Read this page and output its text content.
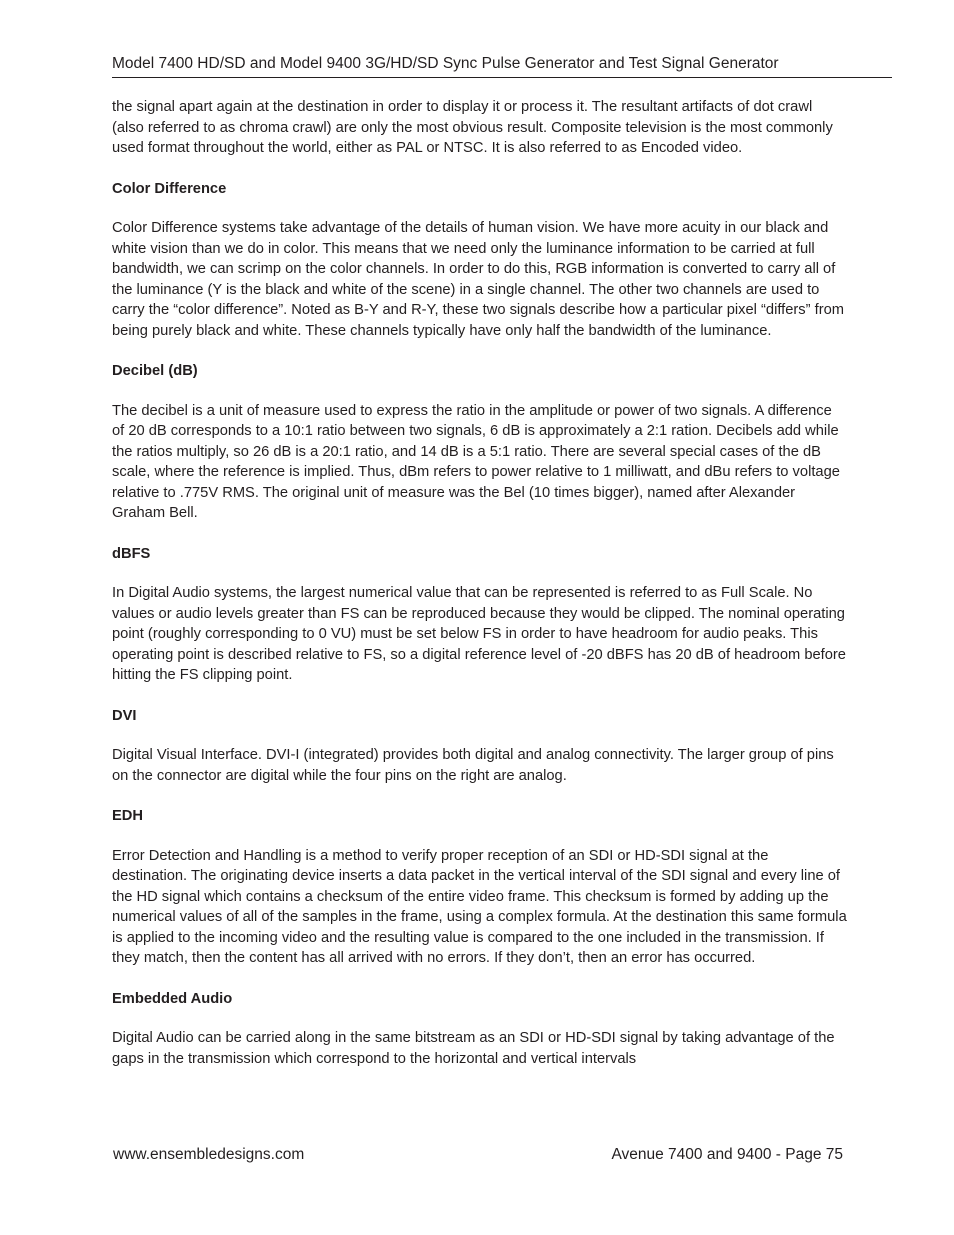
Model 7400 HD/SD and Model 9400 3G/HD/SD Sync Pulse Generator and Test Signal Generator

the signal apart again at the destination in order to display it or process it. The resultant artifacts of dot crawl (also referred to as chroma crawl) are only the most obvious result. Composite television is the most commonly used format throughout the world, either as PAL or NTSC. It is also referred to as Encoded video.

Color Difference

Color Difference systems take advantage of the details of human vision. We have more acuity in our black and white vision than we do in color. This means that we need only the luminance information to be carried at full bandwidth, we can scrimp on the color channels. In order to do this, RGB information is converted to carry all of the luminance (Y is the black and white of the scene) in a single channel. The other two channels are used to carry the “color difference”. Noted as B-Y and R-Y, these two signals describe how a particular pixel “differs” from being purely black and white. These channels typically have only half the bandwidth of the luminance.

Decibel (dB)

The decibel is a unit of measure used to express the ratio in the amplitude or power of two signals. A difference of 20 dB corresponds to a 10:1 ratio between two signals, 6 dB is approximately a 2:1 ration. Decibels add while the ratios multiply, so 26 dB is a 20:1 ratio, and 14 dB is a 5:1 ratio. There are several special cases of the dB scale, where the reference is implied. Thus, dBm refers to power relative to 1 milliwatt, and dBu refers to voltage relative to .775V RMS. The original unit of measure was the Bel (10 times bigger), named after Alexander Graham Bell.

dBFS

In Digital Audio systems, the largest numerical value that can be represented is referred to as Full Scale. No values or audio levels greater than FS can be reproduced because they would be clipped. The nominal operating point (roughly corresponding to 0 VU) must be set below FS in order to have headroom for audio peaks. This operating point is described relative to FS, so a digital reference level of -20 dBFS has 20 dB of headroom before hitting the FS clipping point.

DVI

Digital Visual Interface. DVI-I (integrated) provides both digital and analog connectivity. The larger group of pins on the connector are digital while the four pins on the right are analog.

EDH

Error Detection and Handling is a method to verify proper reception of an SDI or HD-SDI signal at the destination. The originating device inserts a data packet in the vertical interval of the SDI signal and every line of the HD signal which contains a checksum of the entire video frame. This checksum is formed by adding up the numerical values of all of the samples in the frame, using a complex formula. At the destination this same formula is applied to the incoming video and the resulting value is compared to the one included in the transmission. If they match, then the content has all arrived with no errors. If they don’t, then an error has occurred.

Embedded Audio

Digital Audio can be carried along in the same bitstream as an SDI or HD-SDI signal by taking advantage of the gaps in the transmission which correspond to the horizontal and vertical intervals

www.ensembledesigns.com	Avenue 7400 and 9400 - Page 75
